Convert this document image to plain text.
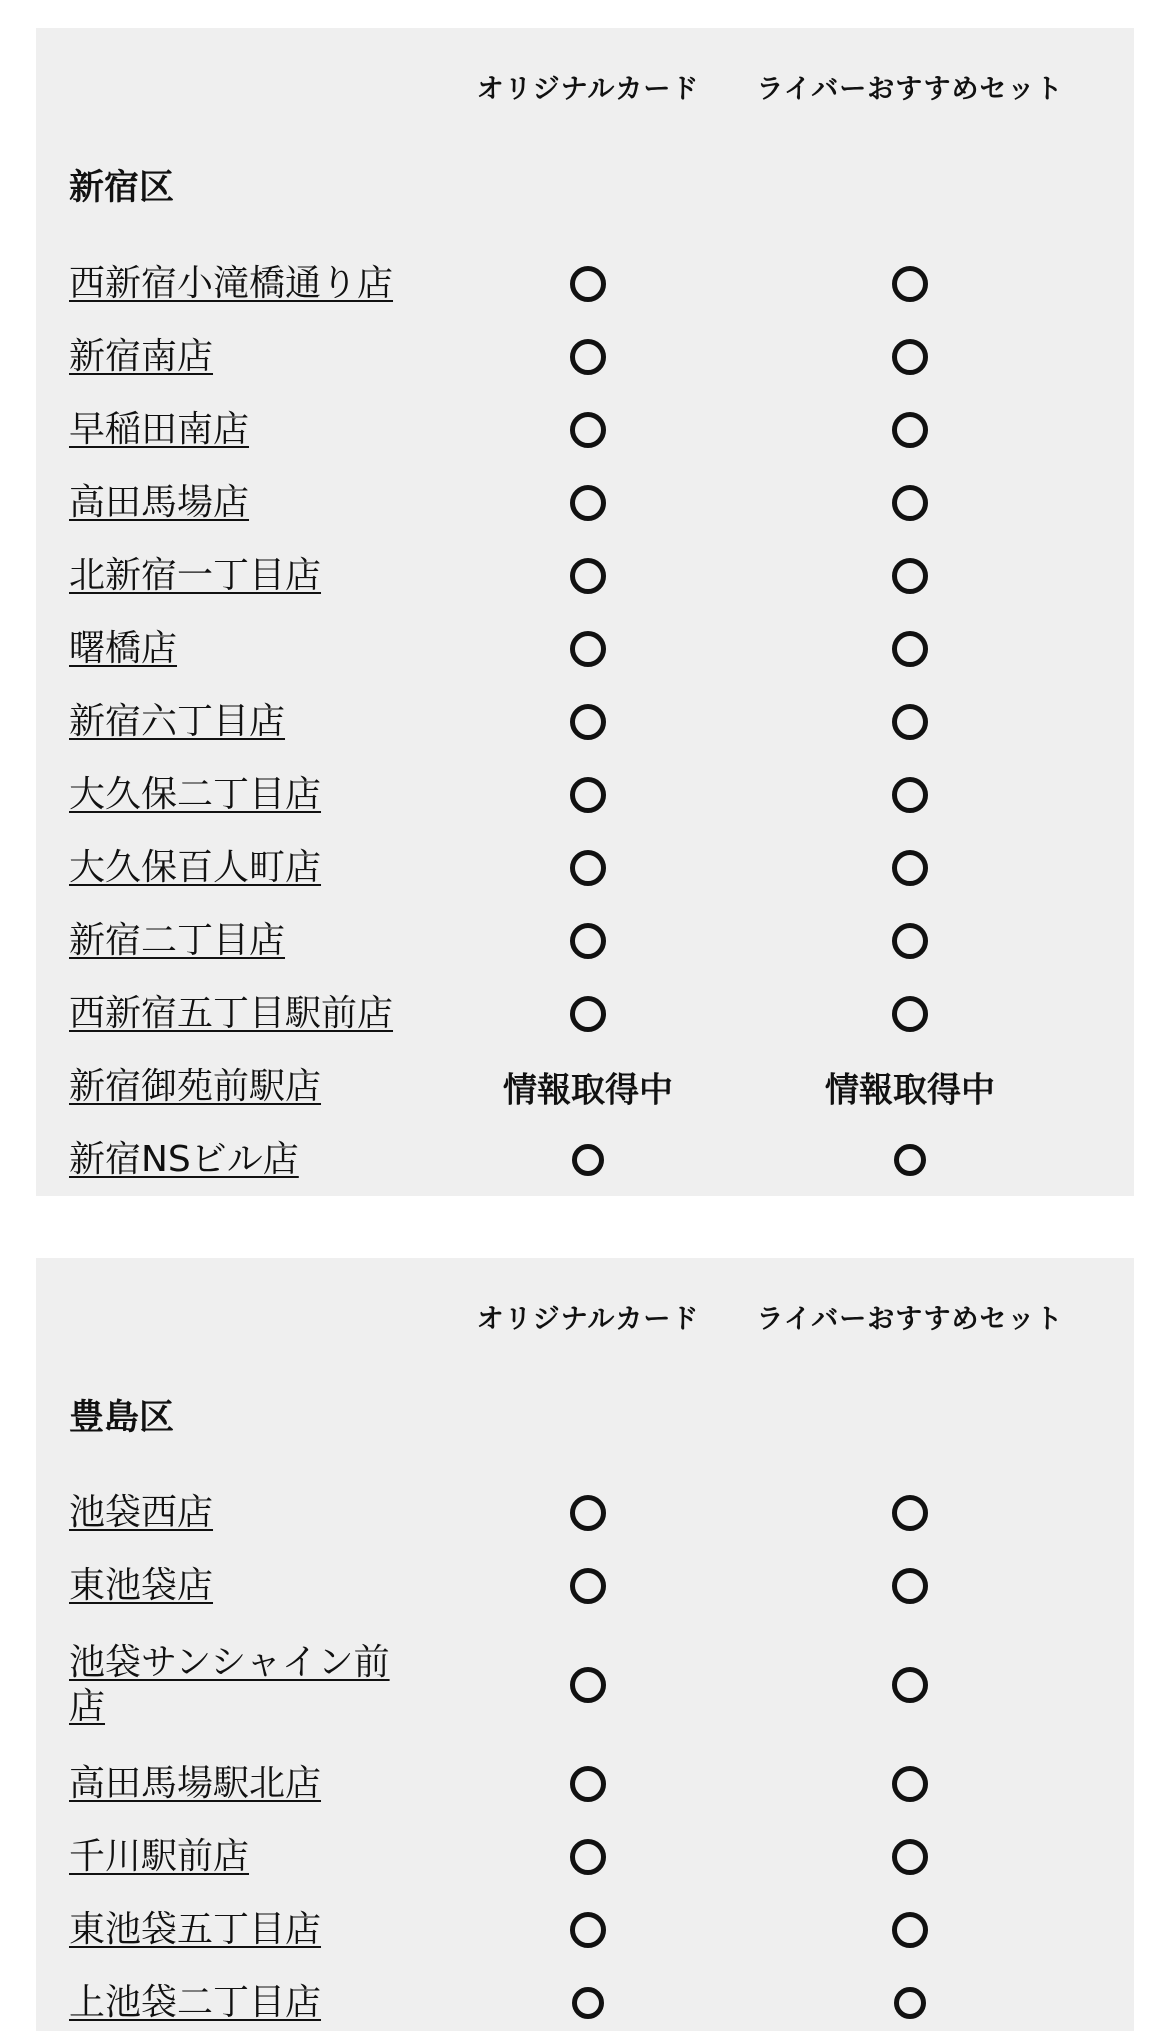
オリジナルカード ライバーおすすめセット
新宿区
西新宿小滝橋通り店
新宿南店
早稲田南店
高田馬場店
北新宿一丁目店
曙橋店
新宿六丁目店
大久保二丁目店
大久保百人町店
新宿二丁目店
西新宿五丁目駅前店
新宿御苑前駅店	情報取得中	情報取得中
新宿NSビル店
オリジナルカード ライバーおすすめセット
豊島区
池袋西店
東池袋店
池袋サンシャイン前店
高田馬場駅北店
千川駅前店
東池袋五丁目店
上池袋二丁目店
